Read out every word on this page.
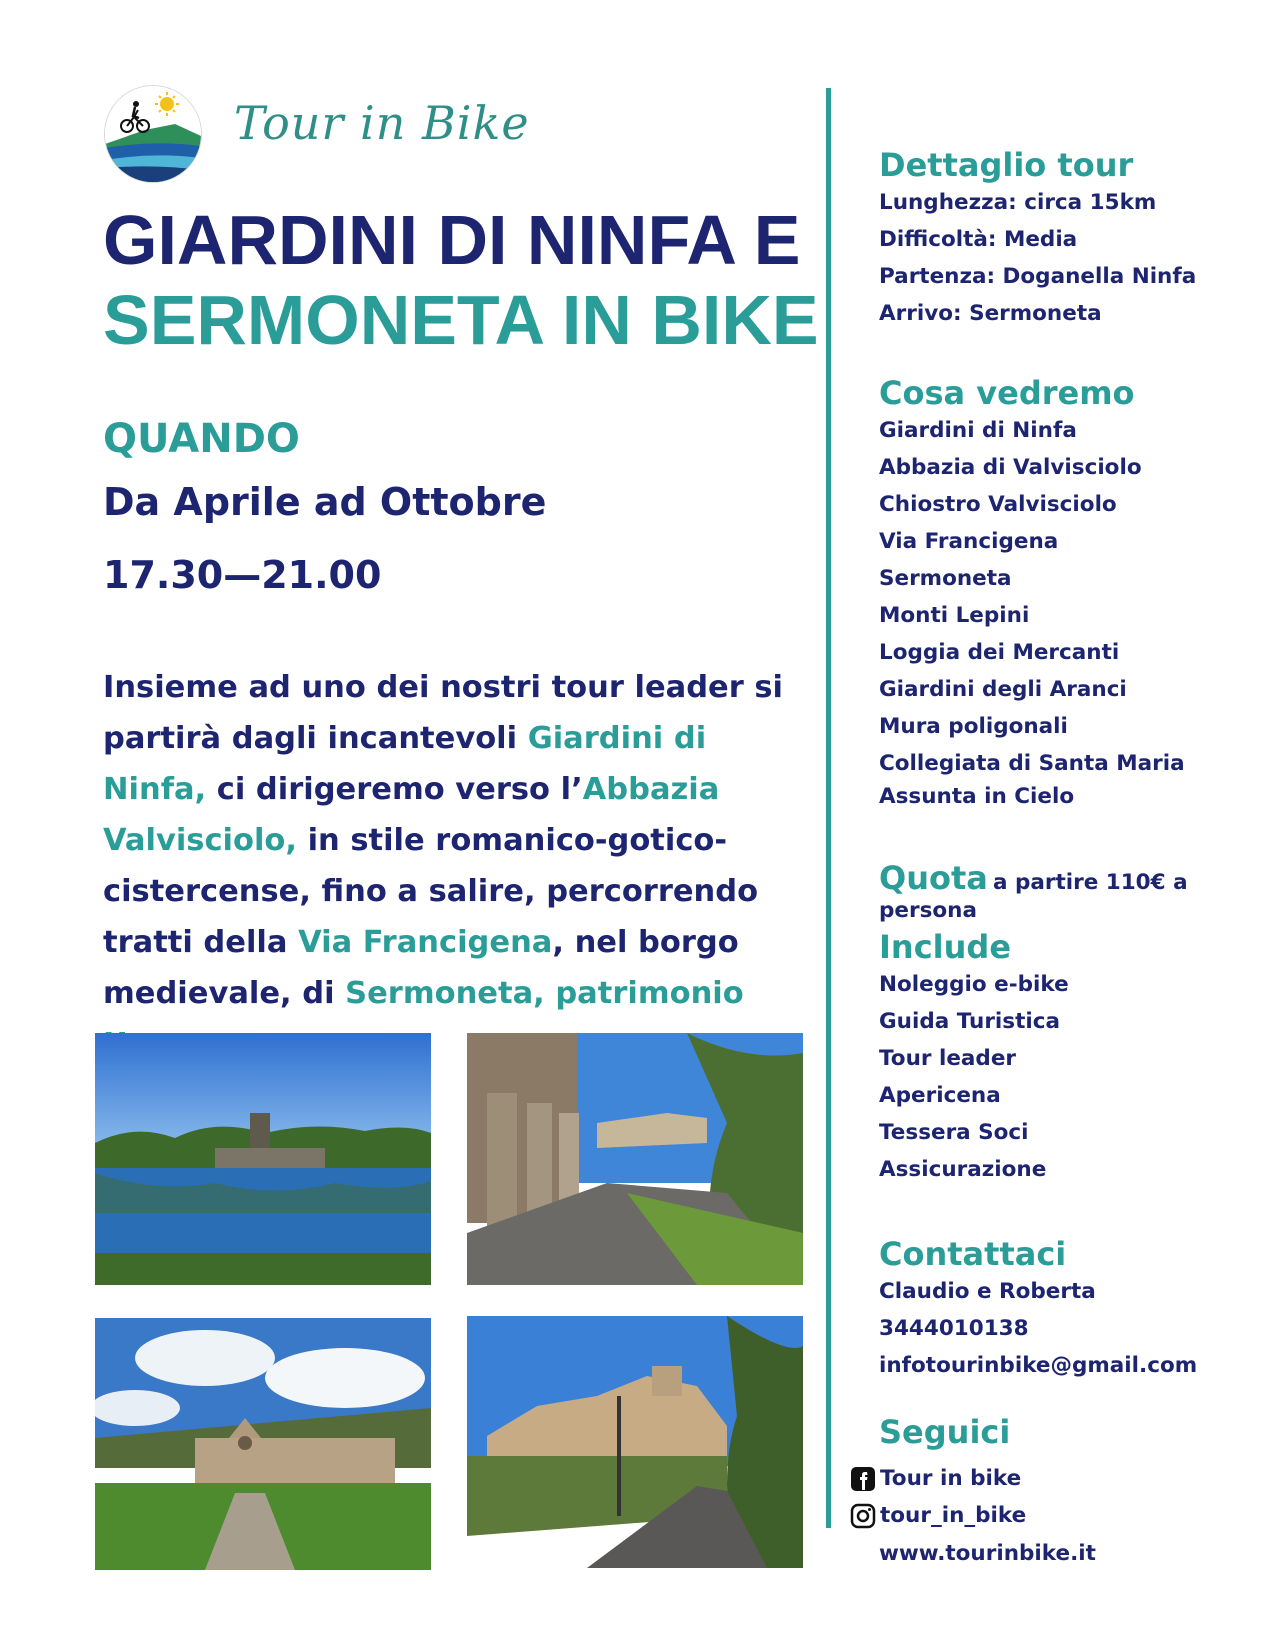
Tour in Bike
GIARDINI DI NINFA E
SERMONETA IN BIKE
QUANDO
Da Aprile ad Ottobre
17.30—21.00
Insieme ad uno dei nostri tour leader si partirà dagli incantevoli Giardini di Ninfa, ci dirigeremo verso l’Abbazia Valvisciolo, in stile romanico-gotico-cistercense, fino a salire, percorrendo tratti della Via Francigena, nel borgo medievale, di Sermoneta, patrimonio
Dettaglio tour
Lunghezza: circa 15km
Difficoltà: Media
Partenza: Doganella Ninfa
Arrivo: Sermoneta
Cosa vedremo
Giardini di Ninfa
Abbazia di Valvisciolo
Chiostro Valvisciolo
Via Francigena
Sermoneta
Monti Lepini
Loggia dei Mercanti
Giardini degli Aranci
Mura poligonali
Collegiata di Santa Maria
Assunta in Cielo
Quota a partire 110€ a
persona
Include
Noleggio e-bike
Guida Turistica
Tour leader
Apericena
Tessera Soci
Assicurazione
Contattaci
Claudio e Roberta
3444010138
infotourinbike@gmail.com
Seguici
Tour in bike
tour_in_bike
www.tourinbike.it
